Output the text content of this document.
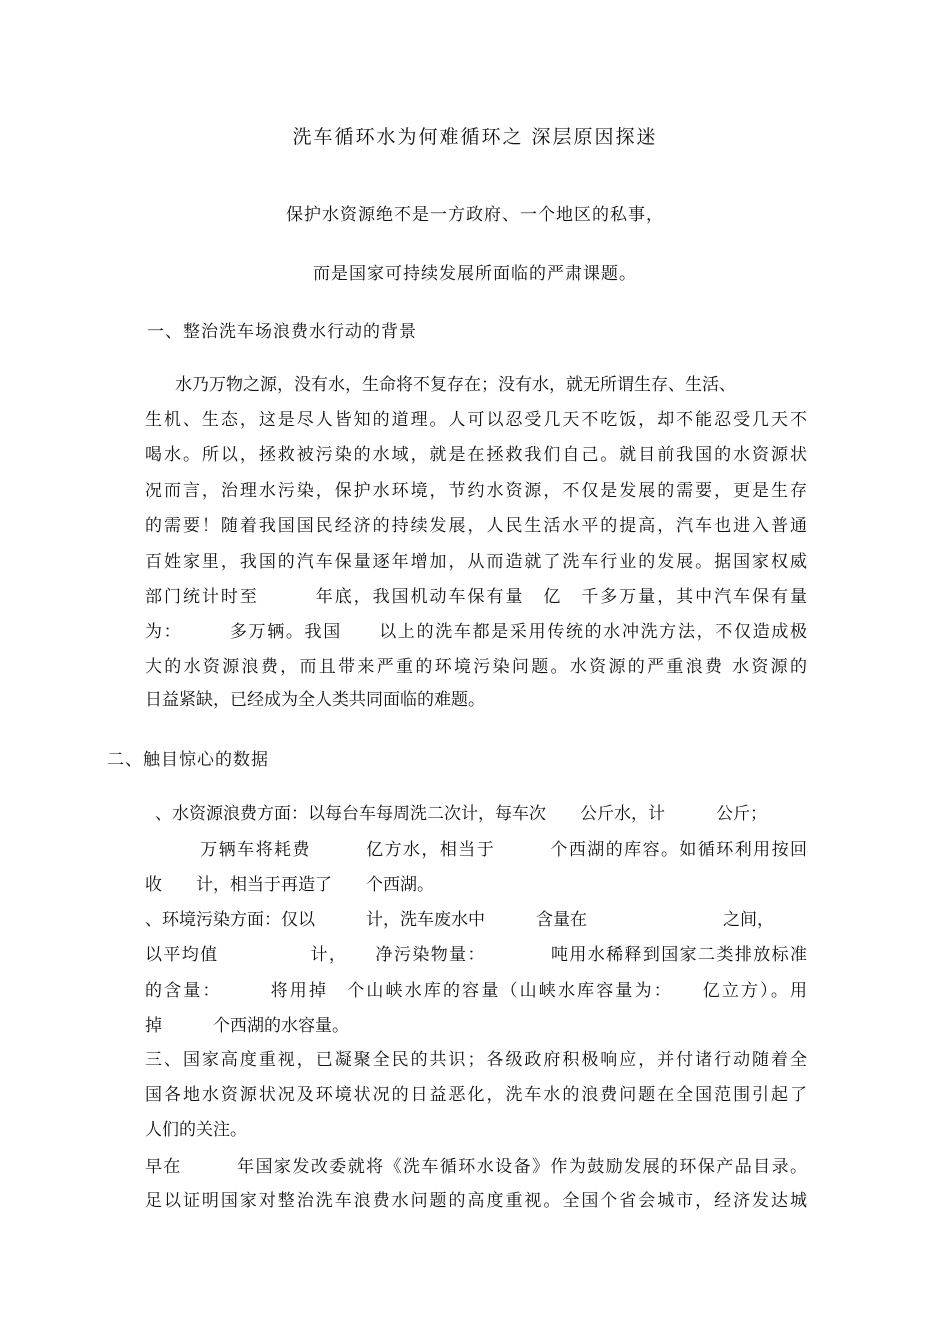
洗车循环水为何难循环之 深层原因探迷
保护水资源绝不是一方政府、一个地区的私事，
而是国家可持续发展所面临的严肃课题。
一、整治洗车场浪费水行动的背景
水乃万物之源，没有水，生命将不复存在；没有水，就无所谓生存、生活、
生机、生态，这是尽人皆知的道理。人可以忍受几天不吃饭，却不能忍受几天不
喝水。所以，拯救被污染的水域，就是在拯救我们自己。就目前我国的水资源状
况而言，治理水污染，保护水环境，节约水资源，不仅是发展的需要，更是生存
的需要！随着我国国民经济的持续发展，人民生活水平的提高，汽车也进入普通
百姓家里，我国的汽车保量逐年增加，从而造就了洗车行业的发展。据国家权威
部门统计时至　　　年底，我国机动车保有量　亿　千多万量，其中汽车保有量
为：　　　多万辆。我国　　以上的洗车都是采用传统的水冲洗方法，不仅造成极
大的水资源浪费，而且带来严重的环境污染问题。水资源的严重浪费 水资源的
日益紧缺，已经成为全人类共同面临的难题。
二、触目惊心的数据
、水资源浪费方面：以每台车每周洗二次计，每车次　　公斤水，计　　　公斤；
　　　万辆车将耗费　　　亿方水，相当于　　　个西湖的库容。如循环利用按回
收　　计，相当于再造了　　个西湖。
、环境污染方面：仅以　　　计，洗车废水中　　　含量在　　　　　　　　之间，
以平均值　　　　　计，　　净污染物量：　　　　吨用水稀释到国家二类排放标准
的含量：　　　将用掉　个山峡水库的容量（山峡水库容量为：　　亿立方）。用
掉　　　个西湖的水容量。
三、国家高度重视，已凝聚全民的共识；各级政府积极响应，并付诸行动随着全
国各地水资源状况及环境状况的日益恶化，洗车水的浪费问题在全国范围引起了
人们的关注。
早在　　　年国家发改委就将《洗车循环水设备》作为鼓励发展的环保产品目录。
足以证明国家对整治洗车浪费水问题的高度重视。全国个省会城市，经济发达城
